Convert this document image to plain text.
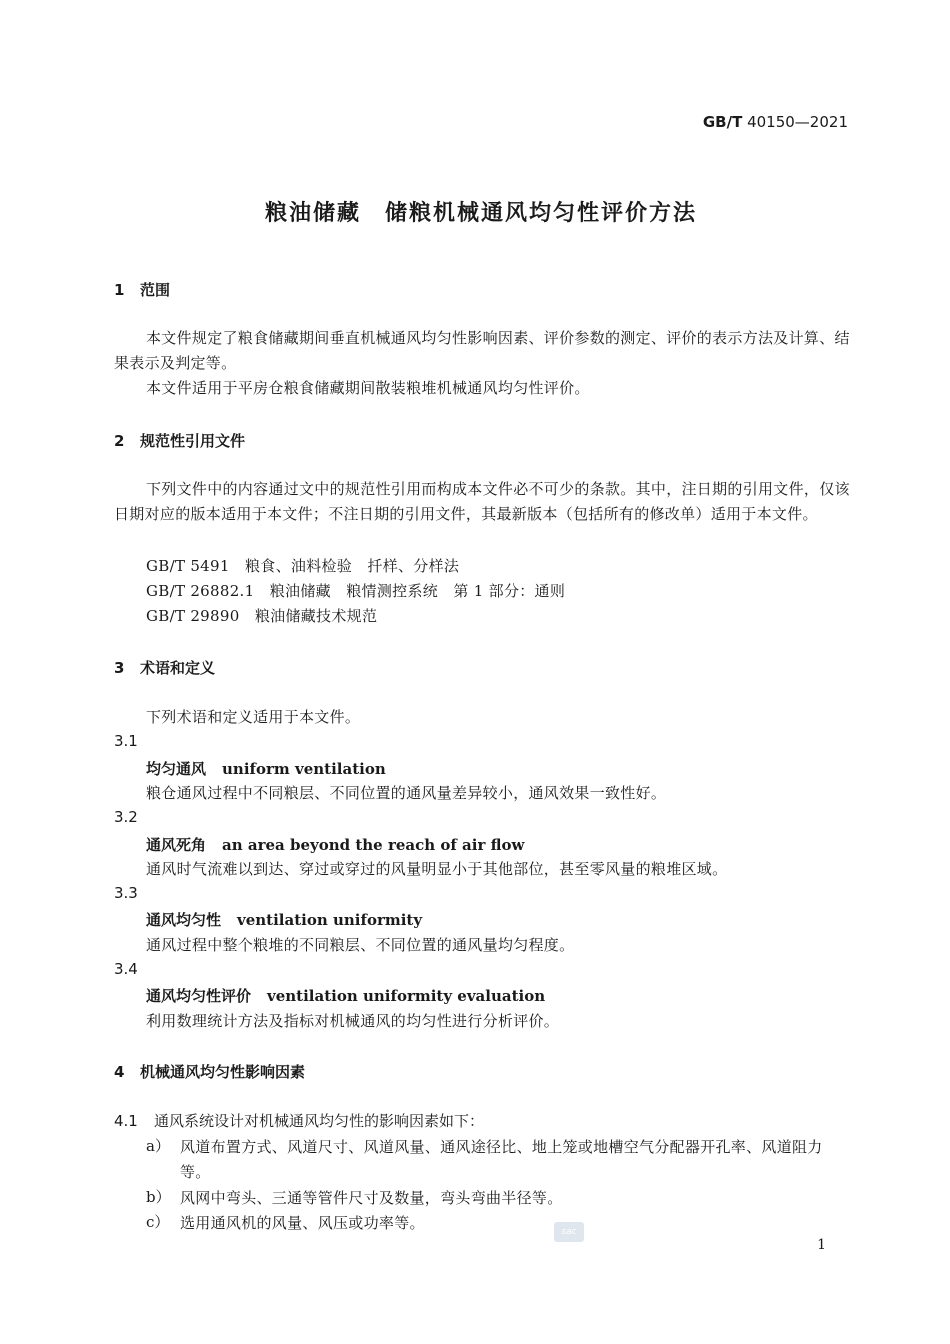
GB/T 40150—2021
粮油储藏　储粮机械通风均匀性评价方法
1 范围
本文件规定了粮食储藏期间垂直机械通风均匀性影响因素、评价参数的测定、评价的表示方法及计算、结果表示及判定等。
本文件适用于平房仓粮食储藏期间散装粮堆机械通风均匀性评价。
2 规范性引用文件
下列文件中的内容通过文中的规范性引用而构成本文件必不可少的条款。其中，注日期的引用文件，仅该日期对应的版本适用于本文件；不注日期的引用文件，其最新版本（包括所有的修改单）适用于本文件。
GB/T 5491　粮食、油料检验　扦样、分样法
GB/T 26882.1　粮油储藏　粮情测控系统　第 1 部分：通则
GB/T 29890　粮油储藏技术规范
3 术语和定义
下列术语和定义适用于本文件。
3.1
均匀通风 uniform ventilation
粮仓通风过程中不同粮层、不同位置的通风量差异较小，通风效果一致性好。
3.2
通风死角 an area beyond the reach of air flow
通风时气流难以到达、穿过或穿过的风量明显小于其他部位，甚至零风量的粮堆区域。
3.3
通风均匀性 ventilation uniformity
通风过程中整个粮堆的不同粮层、不同位置的通风量均匀程度。
3.4
通风均匀性评价 ventilation uniformity evaluation
利用数理统计方法及指标对机械通风的均匀性进行分析评价。
4 机械通风均匀性影响因素
4.1 通风系统设计对机械通风均匀性的影响因素如下：
a） 风道布置方式、风道尺寸、风道风量、通风途径比、地上笼或地槽空气分配器开孔率、风道阻力等。
b） 风网中弯头、三通等管件尺寸及数量，弯头弯曲半径等。
c） 选用通风机的风量、风压或功率等。	sac
1
